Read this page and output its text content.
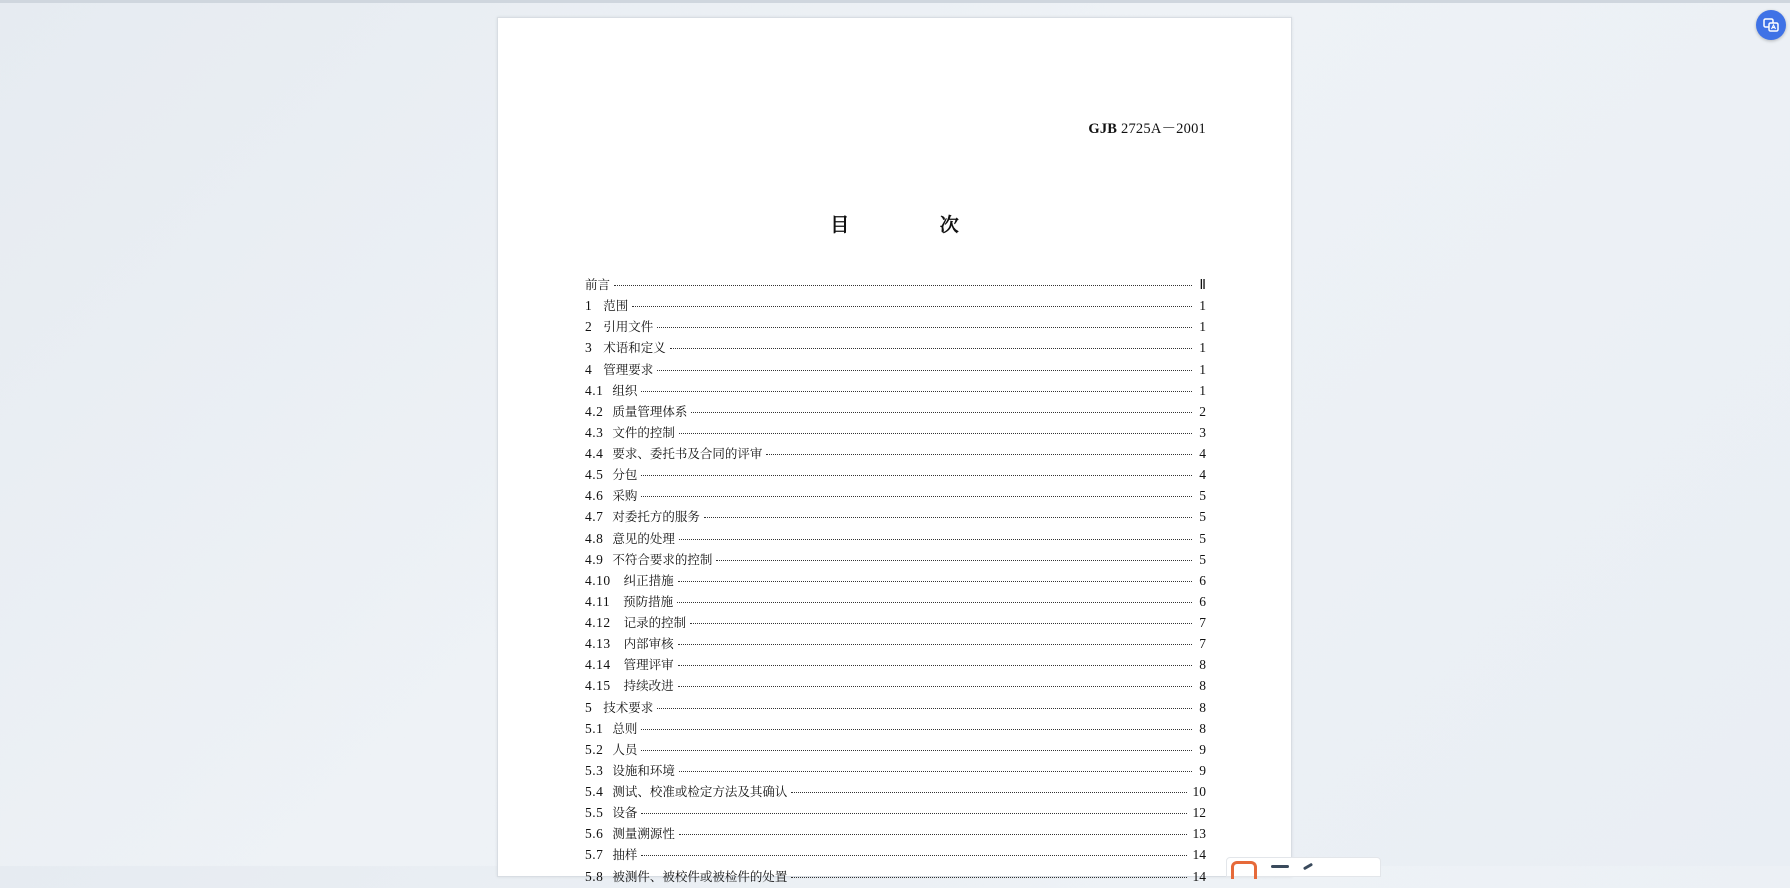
GJB 2725A－2001
目 次
前言	Ⅱ
1 范围	1
2 引用文件	1
3 术语和定义	1
4 管理要求	1
4.1 组织	1
4.2 质量管理体系	2
4.3 文件的控制	3
4.4 要求、委托书及合同的评审	4
4.5 分包	4
4.6 采购	5
4.7 对委托方的服务	5
4.8 意见的处理	5
4.9 不符合要求的控制	5
4.10 纠正措施	6
4.11 预防措施	6
4.12 记录的控制	7
4.13 内部审核	7
4.14 管理评审	8
4.15 持续改进	8
5 技术要求	8
5.1 总则	8
5.2 人员	9
5.3 设施和环境	9
5.4 测试、校准或检定方法及其确认	10
5.5 设备	12
5.6 测量溯源性	13
5.7 抽样	14
5.8 被测件、被校件或被检件的处置	14
